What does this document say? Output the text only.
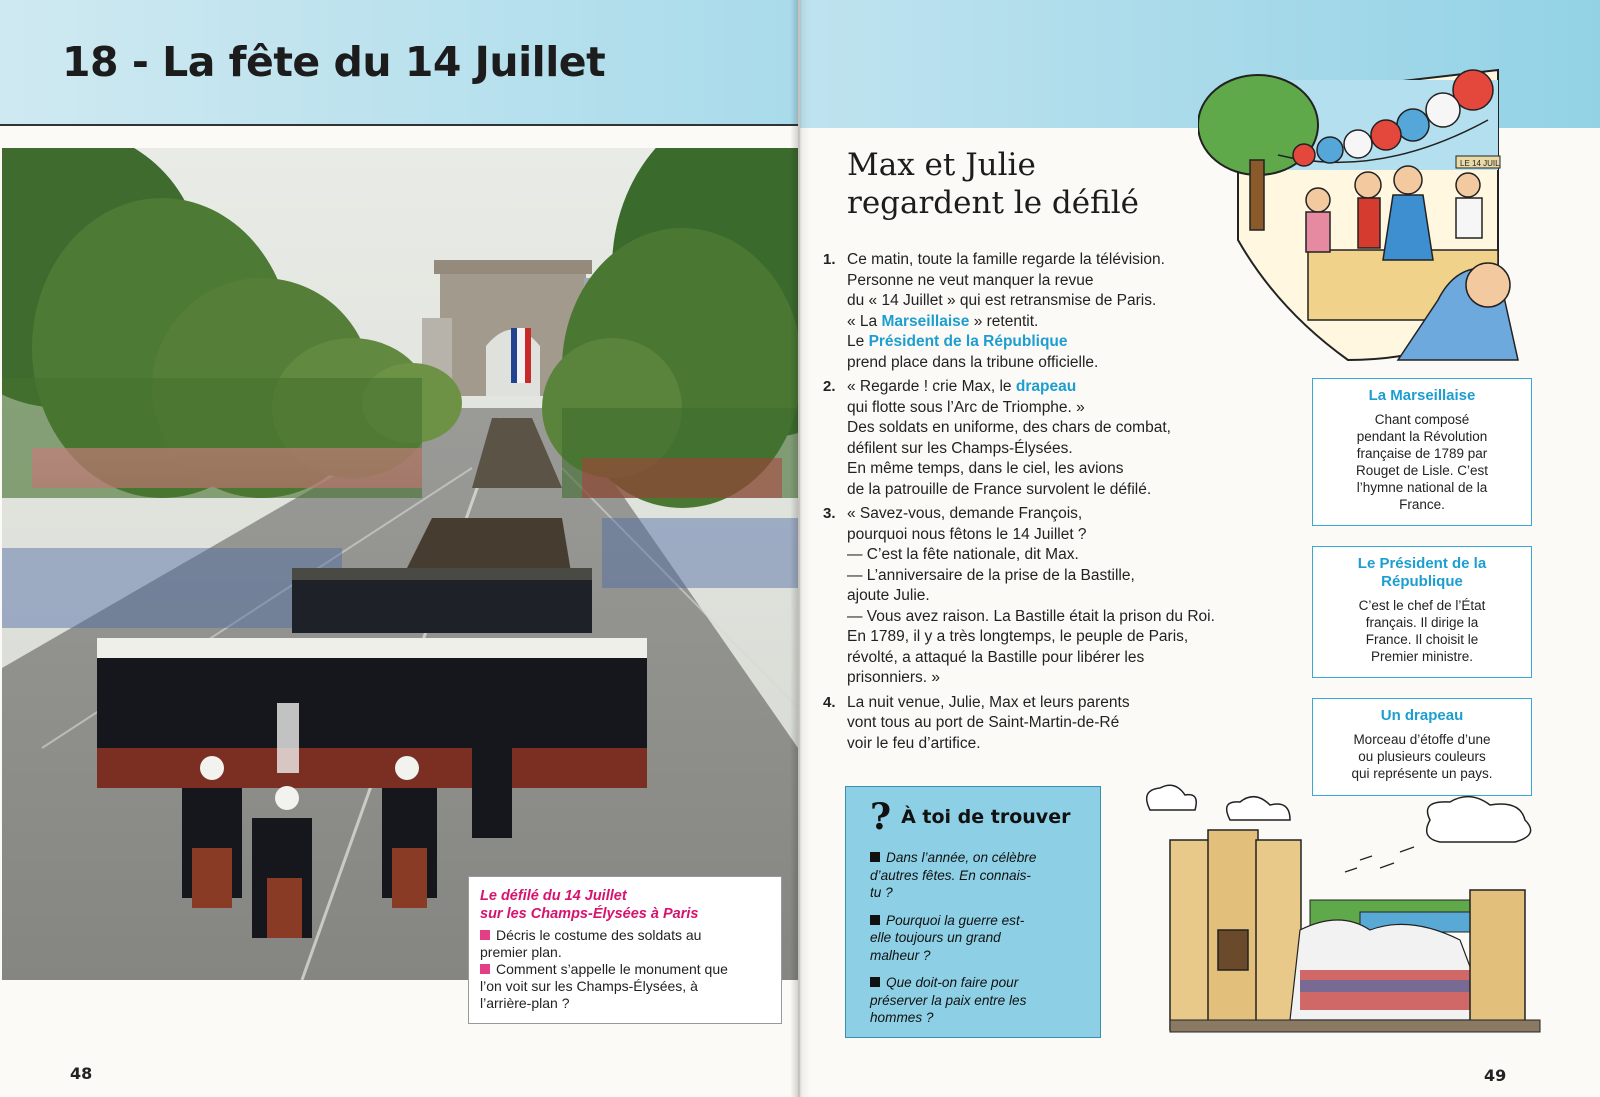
18 - La fête du 14 Juillet
Le défilé du 14 Juillet
sur les Champs-Élysées à Paris
Décris le costume des soldats au
premier plan.
Comment s’appelle le monument que
l’on voit sur les Champs-Élysées, à
l’arrière-plan ?
48
Max et Julie
regardent le défilé
1. Ce matin, toute la famille regarde la télévision.
Personne ne veut manquer la revue
du « 14 Juillet » qui est retransmise de Paris.
« La Marseillaise » retentit.
Le Président de la République
prend place dans la tribune officielle.
2. « Regarde ! crie Max, le drapeau
qui flotte sous l’Arc de Triomphe. »
Des soldats en uniforme, des chars de combat,
défilent sur les Champs-Élysées.
En même temps, dans le ciel, les avions
de la patrouille de France survolent le défilé.
3. « Savez-vous, demande François,
pourquoi nous fêtons le 14 Juillet ?
— C’est la fête nationale, dit Max.
— L’anniversaire de la prise de la Bastille,
ajoute Julie.
— Vous avez raison. La Bastille était la prison du Roi.
En 1789, il y a très longtemps, le peuple de Paris,
révolté, a attaqué la Bastille pour libérer les
prisonniers. »
4. La nuit venue, Julie, Max et leurs parents
vont tous au port de Saint-Martin-de-Ré
voir le feu d’artifice.
La Marseillaise
Chant composé
pendant la Révolution
française de 1789 par
Rouget de Lisle. C’est
l’hymne national de la
France.
Le Président de la
République
C’est le chef de l’État
français. Il dirige la
France. Il choisit le
Premier ministre.
Un drapeau
Morceau d’étoffe d’une
ou plusieurs couleurs
qui représente un pays.
? À toi de trouver
Dans l’année, on célèbre
d’autres fêtes. En connais-
tu ?
Pourquoi la guerre est-
elle toujours un grand
malheur ?
Que doit-on faire pour
préserver la paix entre les
hommes ?
LE 14 JUIL
49
